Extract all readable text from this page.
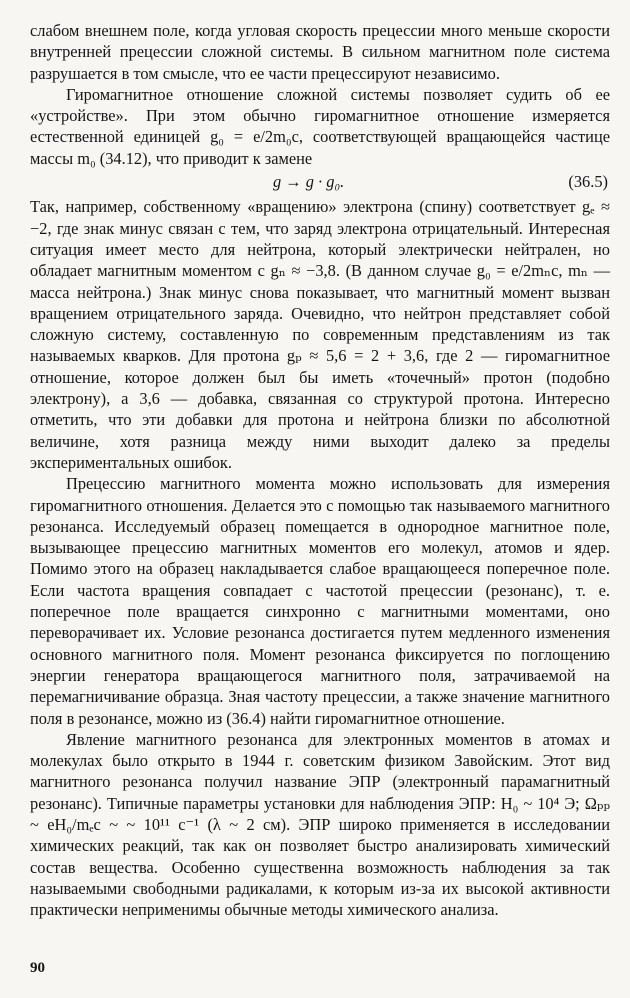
слабом внешнем поле, когда угловая скорость прецессии много меньше скорости внутренней прецессии сложной системы. В сильном магнитном поле система разрушается в том смысле, что ее части прецессируют независимо.

Гиромагнитное отношение сложной системы позволяет судить об ее «устройстве». При этом обычно гиромагнитное отношение измеряется естественной единицей g₀ = e/2m₀c, соответствующей вращающейся частице массы m₀ (34.12), что приводит к замене

g → g · g₀.	(36.5)

Так, например, собственному «вращению» электрона (спину) соответствует gₑ ≈ −2, где знак минус связан с тем, что заряд электрона отрицательный. Интересная ситуация имеет место для нейтрона, который электрически нейтрален, но обладает магнитным моментом с gₙ ≈ −3,8. (В данном случае g₀ = e/2mₙc, mₙ — масса нейтрона.) Знак минус снова показывает, что магнитный момент вызван вращением отрицательного заряда. Очевидно, что нейтрон представляет собой сложную систему, составленную по современным представлениям из так называемых кварков. Для протона gₚ ≈ 5,6 = 2 + 3,6, где 2 — гиромагнитное отношение, которое должен был бы иметь «точечный» протон (подобно электрону), а 3,6 — добавка, связанная со структурой протона. Интересно отметить, что эти добавки для протона и нейтрона близки по абсолютной величине, хотя разница между ними выходит далеко за пределы экспериментальных ошибок.

Прецессию магнитного момента можно использовать для измерения гиромагнитного отношения. Делается это с помощью так называемого магнитного резонанса. Исследуемый образец помещается в однородное магнитное поле, вызывающее прецессию магнитных моментов его молекул, атомов и ядер. Помимо этого на образец накладывается слабое вращающееся поперечное поле. Если частота вращения совпадает с частотой прецессии (резонанс), т. е. поперечное поле вращается синхронно с магнитными моментами, оно переворачивает их. Условие резонанса достигается путем медленного изменения основного магнитного поля. Момент резонанса фиксируется по поглощению энергии генератора вращающегося магнитного поля, затрачиваемой на перемагничивание образца. Зная частоту прецессии, а также значение магнитного поля в резонансе, можно из (36.4) найти гиромагнитное отношение.

Явление магнитного резонанса для электронных моментов в атомах и молекулах было открыто в 1944 г. советским физиком Завойским. Этот вид магнитного резонанса получил название ЭПР (электронный парамагнитный резонанс). Типичные параметры установки для наблюдения ЭПР: H₀ ~ 10⁴ Э; Ωₚₚ ~ eH₀/mₑc ~ ~ 10¹¹ с⁻¹ (λ ~ 2 см). ЭПР широко применяется в исследовании химических реакций, так как он позволяет быстро анализировать химический состав вещества. Особенно существенна возможность наблюдения за так называемыми свободными радикалами, к которым из-за их высокой активности практически неприменимы обычные методы химического анализа.

90
